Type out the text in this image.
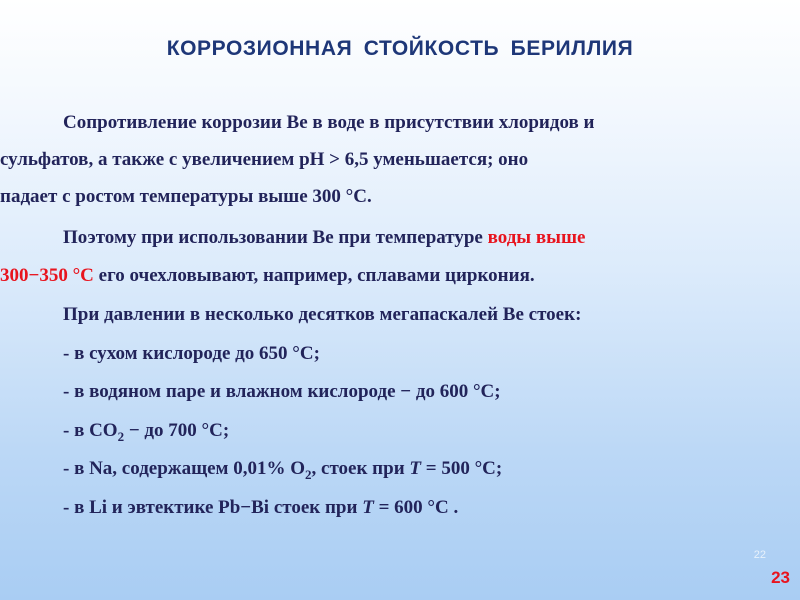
КОРРОЗИОННАЯ СТОЙКОСТЬ БЕРИЛЛИЯ
Сопротивление коррозии Be в воде в присутствии хлоридов и
сульфатов, а также с увеличением pH > 6,5 уменьшается; оно
падает с ростом температуры выше 300 °C.
Поэтому при использовании Be при температуре воды выше
300−350 °C его очехловывают, например, сплавами циркония.
При давлении в несколько десятков мегапаскалей Be стоек:
- в сухом кислороде до 650 °C;
- в водяном паре и влажном кислороде − до 600 °C;
- в $CO_2$ − до 700 °C;
- в Na, содержащем 0,01% $O_2$, стоек при T = 500 °C;
- в Li и эвтектике Pb−Bi стоек при T = 600 °C .
22
23
